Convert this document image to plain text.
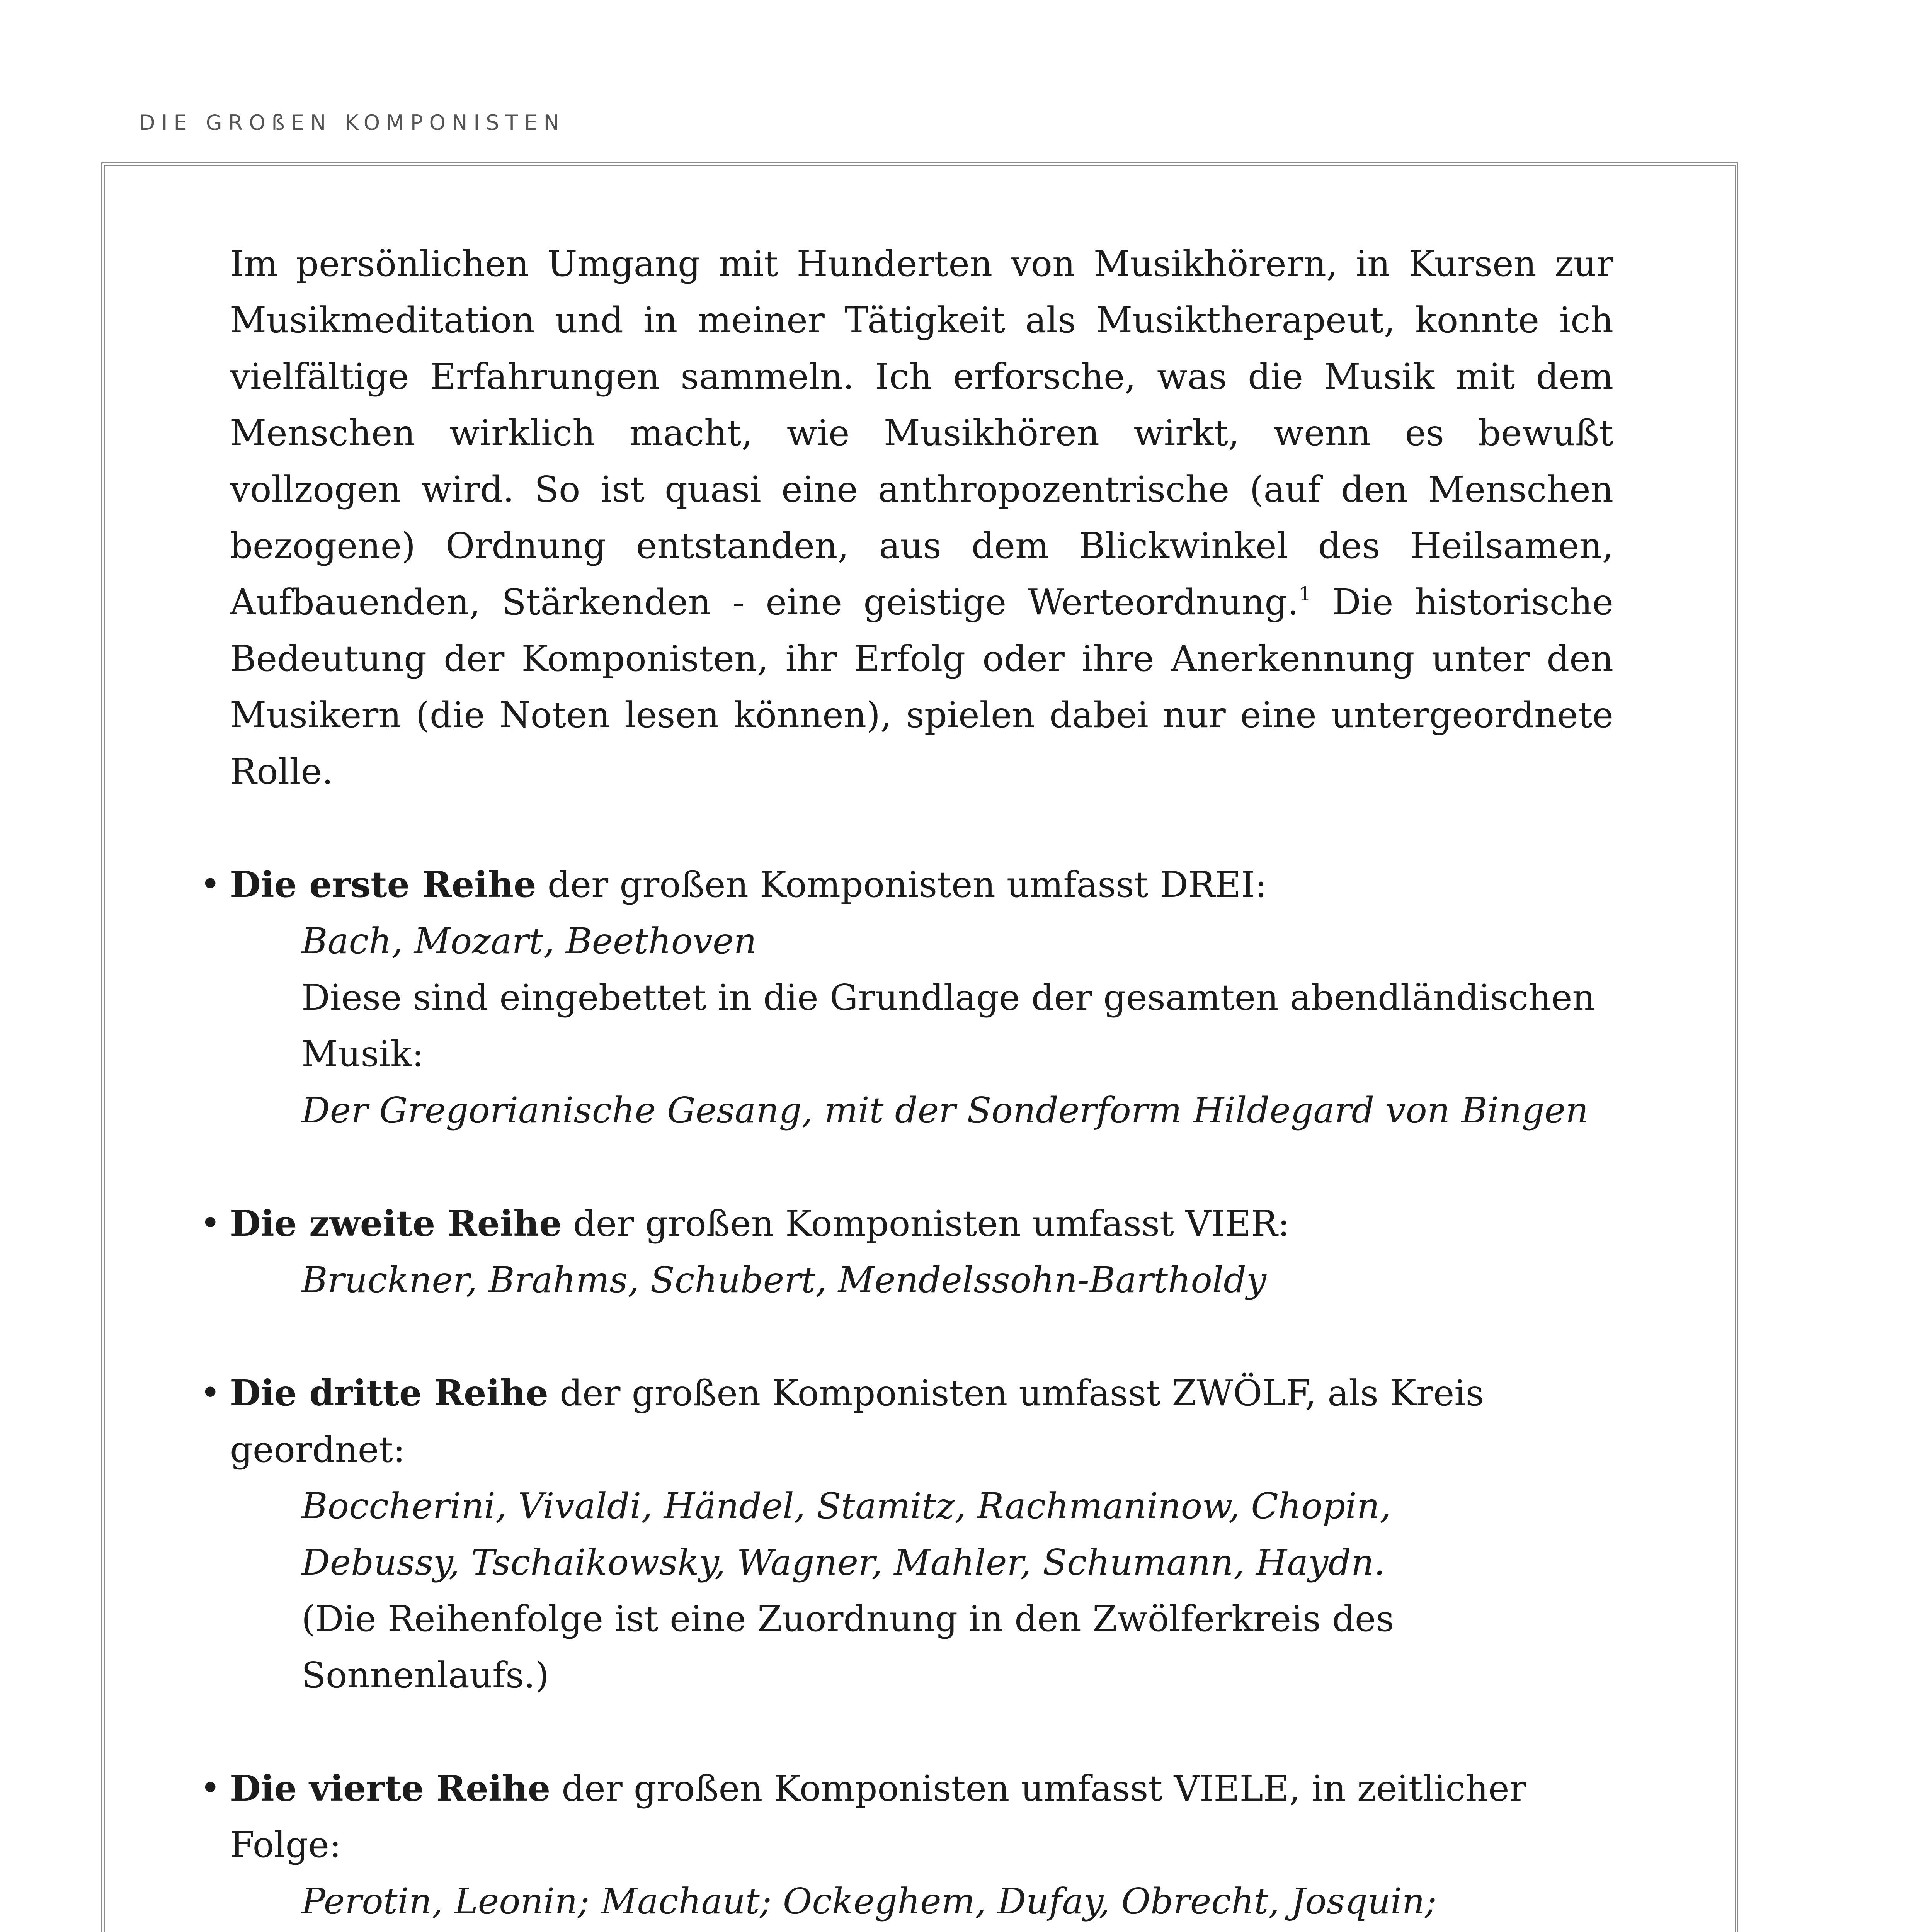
DIE GROßEN KOMPONISTEN

Im persönlichen Umgang mit Hunderten von Musikhörern, in Kursen zur Musikmeditation und in meiner Tätigkeit als Musiktherapeut, konnte ich vielfältige Erfahrungen sammeln. Ich erforsche, was die Musik mit dem Menschen wirklich macht, wie Musikhören wirkt, wenn es bewußt vollzogen wird. So ist quasi eine anthropozentrische (auf den Menschen bezogene) Ordnung entstanden, aus dem Blickwinkel des Heilsamen, Aufbauenden, Stärkenden - eine geistige Werteordnung.$^1$ Die historische Bedeutung der Komponisten, ihr Erfolg oder ihre Anerkennung unter den Musikern (die Noten lesen können), spielen dabei nur eine untergeordnete Rolle.

• Die erste Reihe der großen Komponisten umfasst DREI:
Bach, Mozart, Beethoven
Diese sind eingebettet in die Grundlage der gesamten abendländischen Musik:
Der Gregorianische Gesang, mit der Sonderform Hildegard von Bingen
• Die zweite Reihe der großen Komponisten umfasst VIER:
Bruckner, Brahms, Schubert, Mendelssohn-Bartholdy
• Die dritte Reihe der großen Komponisten umfasst ZWÖLF, als Kreis geordnet:
Boccherini, Vivaldi, Händel, Stamitz, Rachmaninow, Chopin,
Debussy, Tschaikowsky, Wagner, Mahler, Schumann, Haydn.
(Die Reihenfolge ist eine Zuordnung in den Zwölferkreis des Sonnenlaufs.)
• Die vierte Reihe der großen Komponisten umfasst VIELE, in zeitlicher Folge:
Perotin, Leonin; Machaut; Ockeghem, Dufay, Obrecht, Josquin;
